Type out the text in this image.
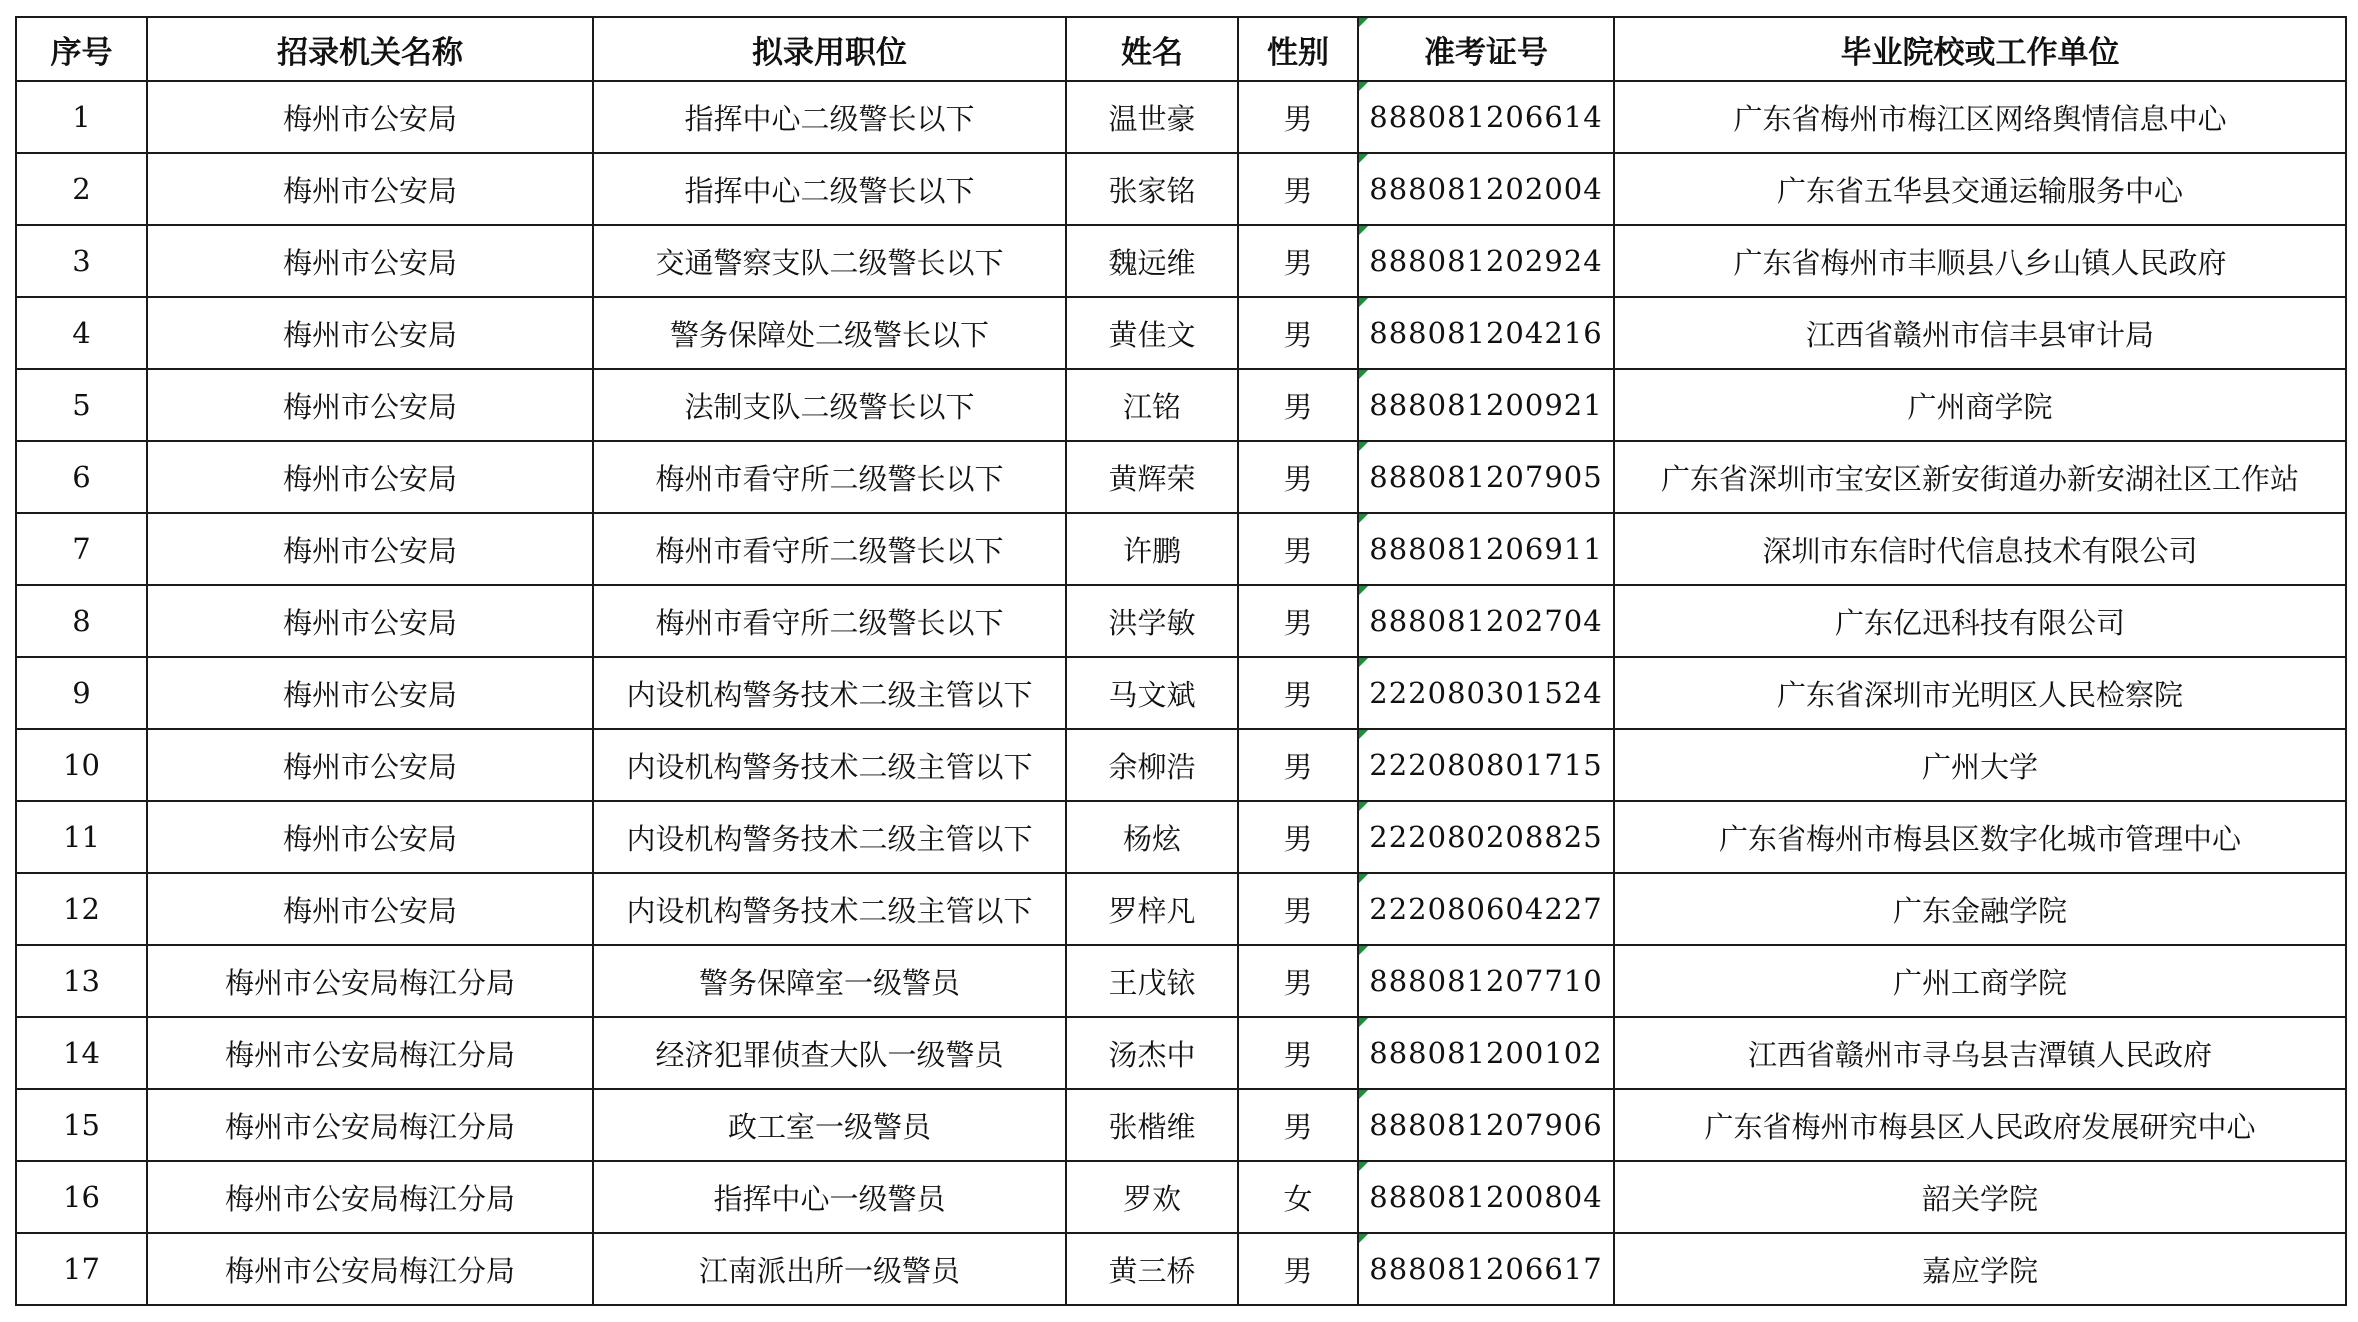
序号	招录机关名称	拟录用职位	姓名	性别	准考证号	毕业院校或工作单位
1	梅州市公安局	指挥中心二级警长以下	温世豪	男	888081206614	广东省梅州市梅江区网络舆情信息中心
2	梅州市公安局	指挥中心二级警长以下	张家铭	男	888081202004	广东省五华县交通运输服务中心
3	梅州市公安局	交通警察支队二级警长以下	魏远维	男	888081202924	广东省梅州市丰顺县八乡山镇人民政府
4	梅州市公安局	警务保障处二级警长以下	黄佳文	男	888081204216	江西省赣州市信丰县审计局
5	梅州市公安局	法制支队二级警长以下	江铭	男	888081200921	广州商学院
6	梅州市公安局	梅州市看守所二级警长以下	黄辉荣	男	888081207905	广东省深圳市宝安区新安街道办新安湖社区工作站
7	梅州市公安局	梅州市看守所二级警长以下	许鹏	男	888081206911	深圳市东信时代信息技术有限公司
8	梅州市公安局	梅州市看守所二级警长以下	洪学敏	男	888081202704	广东亿迅科技有限公司
9	梅州市公安局	内设机构警务技术二级主管以下	马文斌	男	222080301524	广东省深圳市光明区人民检察院
10	梅州市公安局	内设机构警务技术二级主管以下	余柳浩	男	222080801715	广州大学
11	梅州市公安局	内设机构警务技术二级主管以下	杨炫	男	222080208825	广东省梅州市梅县区数字化城市管理中心
12	梅州市公安局	内设机构警务技术二级主管以下	罗梓凡	男	222080604227	广东金融学院
13	梅州市公安局梅江分局	警务保障室一级警员	王戊铱	男	888081207710	广州工商学院
14	梅州市公安局梅江分局	经济犯罪侦查大队一级警员	汤杰中	男	888081200102	江西省赣州市寻乌县吉潭镇人民政府
15	梅州市公安局梅江分局	政工室一级警员	张楷维	男	888081207906	广东省梅州市梅县区人民政府发展研究中心
16	梅州市公安局梅江分局	指挥中心一级警员	罗欢	女	888081200804	韶关学院
17	梅州市公安局梅江分局	江南派出所一级警员	黄三桥	男	888081206617	嘉应学院
